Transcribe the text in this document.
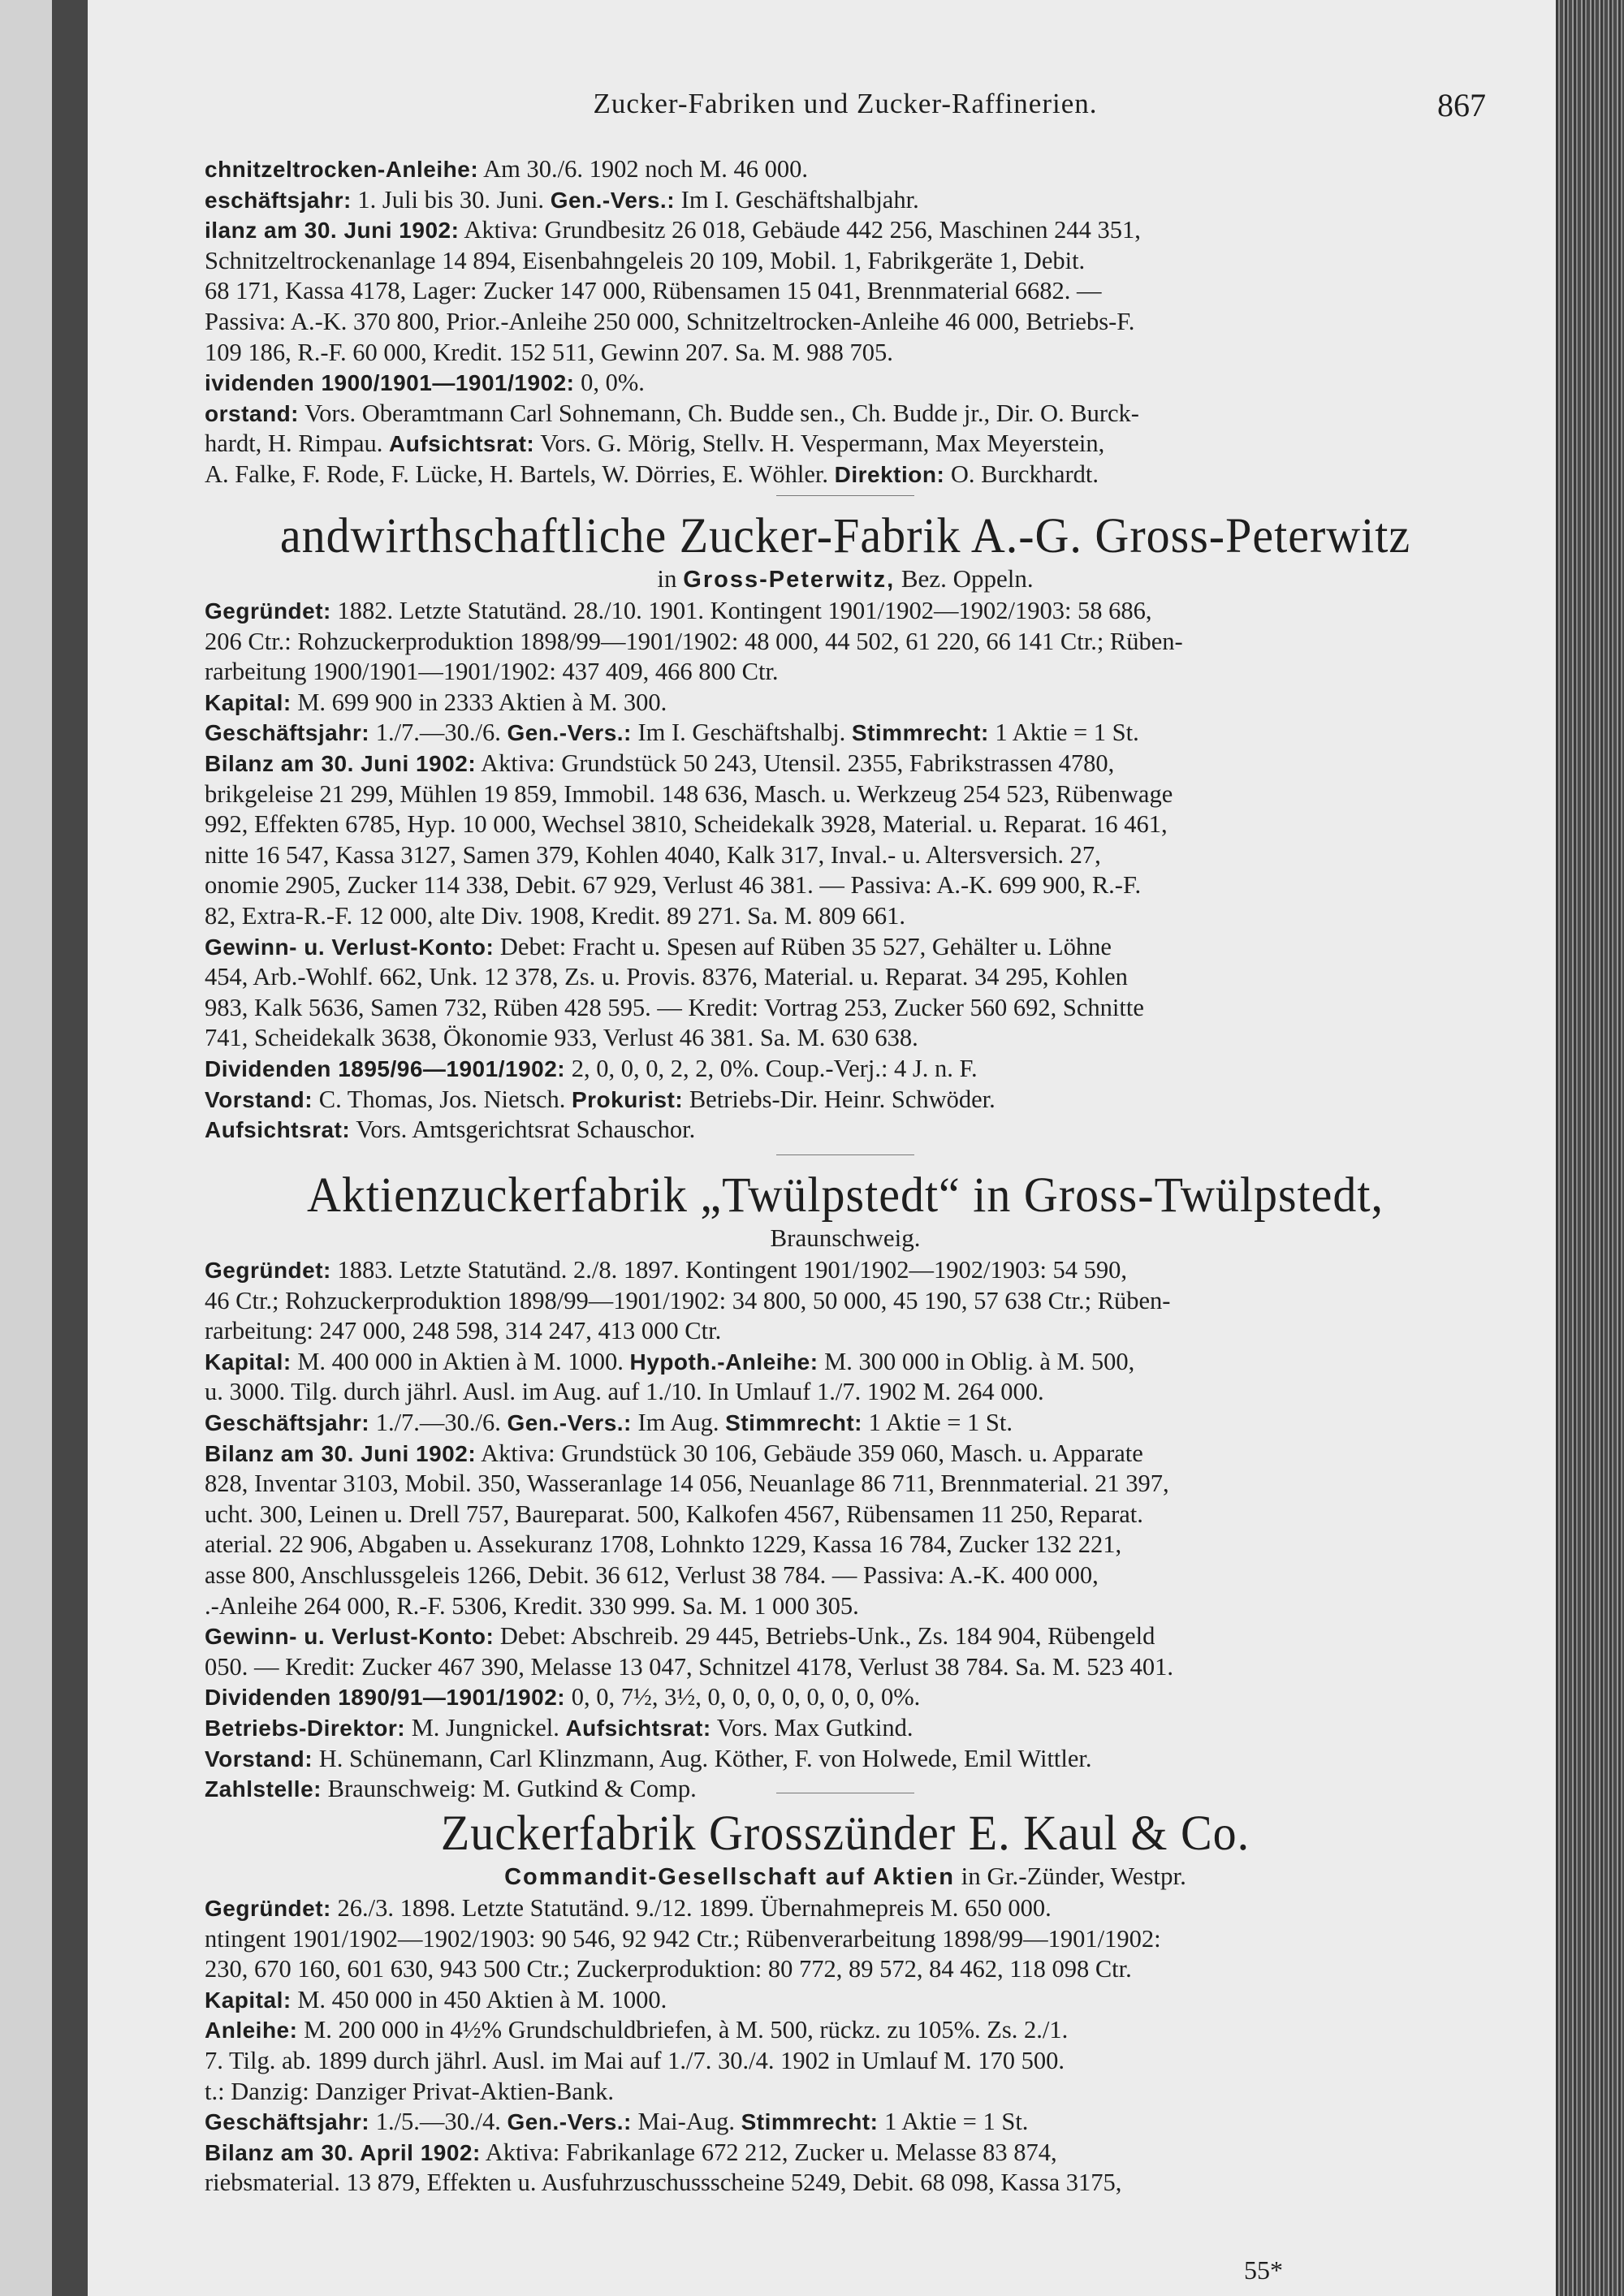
Zucker-Fabriken und Zucker-Raffinerien.	867
chnitzeltrocken-Anleihe: Am 30./6. 1902 noch M. 46 000.
eschäftsjahr: 1. Juli bis 30. Juni. Gen.-Vers.: Im I. Geschäftshalbjahr.
ilanz am 30. Juni 1902: Aktiva: Grundbesitz 26 018, Gebäude 442 256, Maschinen 244 351,
Schnitzeltrockenanlage 14 894, Eisenbahngeleis 20 109, Mobil. 1, Fabrikgeräte 1, Debit.
68 171, Kassa 4178, Lager: Zucker 147 000, Rübensamen 15 041, Brennmaterial 6682. —
Passiva: A.-K. 370 800, Prior.-Anleihe 250 000, Schnitzeltrocken-Anleihe 46 000, Betriebs-F.
109 186, R.-F. 60 000, Kredit. 152 511, Gewinn 207. Sa. M. 988 705.
ividenden 1900/1901—1901/1902: 0, 0%.
orstand: Vors. Oberamtmann Carl Sohnemann, Ch. Budde sen., Ch. Budde jr., Dir. O. Burck-
hardt, H. Rimpau. Aufsichtsrat: Vors. G. Mörig, Stellv. H. Vespermann, Max Meyerstein,
A. Falke, F. Rode, F. Lücke, H. Bartels, W. Dörries, E. Wöhler. Direktion: O. Burckhardt.
andwirthschaftliche Zucker-Fabrik A.-G. Gross-Peterwitz
in Gross-Peterwitz, Bez. Oppeln.
Gegründet: 1882. Letzte Statutänd. 28./10. 1901. Kontingent 1901/1902—1902/1903: 58 686,
206 Ctr.: Rohzuckerproduktion 1898/99—1901/1902: 48 000, 44 502, 61 220, 66 141 Ctr.; Rüben-
rarbeitung 1900/1901—1901/1902: 437 409, 466 800 Ctr.
Kapital: M. 699 900 in 2333 Aktien à M. 300.
Geschäftsjahr: 1./7.—30./6. Gen.-Vers.: Im I. Geschäftshalbj. Stimmrecht: 1 Aktie = 1 St.
Bilanz am 30. Juni 1902: Aktiva: Grundstück 50 243, Utensil. 2355, Fabrikstrassen 4780,
brikgeleise 21 299, Mühlen 19 859, Immobil. 148 636, Masch. u. Werkzeug 254 523, Rübenwage
992, Effekten 6785, Hyp. 10 000, Wechsel 3810, Scheidekalk 3928, Material. u. Reparat. 16 461,
nitte 16 547, Kassa 3127, Samen 379, Kohlen 4040, Kalk 317, Inval.- u. Altersversich. 27,
onomie 2905, Zucker 114 338, Debit. 67 929, Verlust 46 381. — Passiva: A.-K. 699 900, R.-F.
82, Extra-R.-F. 12 000, alte Div. 1908, Kredit. 89 271. Sa. M. 809 661.
Gewinn- u. Verlust-Konto: Debet: Fracht u. Spesen auf Rüben 35 527, Gehälter u. Löhne
454, Arb.-Wohlf. 662, Unk. 12 378, Zs. u. Provis. 8376, Material. u. Reparat. 34 295, Kohlen
983, Kalk 5636, Samen 732, Rüben 428 595. — Kredit: Vortrag 253, Zucker 560 692, Schnitte
741, Scheidekalk 3638, Ökonomie 933, Verlust 46 381. Sa. M. 630 638.
Dividenden 1895/96—1901/1902: 2, 0, 0, 0, 2, 2, 0%. Coup.-Verj.: 4 J. n. F.
Vorstand: C. Thomas, Jos. Nietsch. Prokurist: Betriebs-Dir. Heinr. Schwöder.
Aufsichtsrat: Vors. Amtsgerichtsrat Schauschor.
Aktienzuckerfabrik „Twülpstedt“ in Gross-Twülpstedt,
Braunschweig.
Gegründet: 1883. Letzte Statutänd. 2./8. 1897. Kontingent 1901/1902—1902/1903: 54 590,
46 Ctr.; Rohzuckerproduktion 1898/99—1901/1902: 34 800, 50 000, 45 190, 57 638 Ctr.; Rüben-
rarbeitung: 247 000, 248 598, 314 247, 413 000 Ctr.
Kapital: M. 400 000 in Aktien à M. 1000. Hypoth.-Anleihe: M. 300 000 in Oblig. à M. 500,
u. 3000. Tilg. durch jährl. Ausl. im Aug. auf 1./10. In Umlauf 1./7. 1902 M. 264 000.
Geschäftsjahr: 1./7.—30./6. Gen.-Vers.: Im Aug. Stimmrecht: 1 Aktie = 1 St.
Bilanz am 30. Juni 1902: Aktiva: Grundstück 30 106, Gebäude 359 060, Masch. u. Apparate
828, Inventar 3103, Mobil. 350, Wasseranlage 14 056, Neuanlage 86 711, Brennmaterial. 21 397,
ucht. 300, Leinen u. Drell 757, Baureparat. 500, Kalkofen 4567, Rübensamen 11 250, Reparat.
aterial. 22 906, Abgaben u. Assekuranz 1708, Lohnkto 1229, Kassa 16 784, Zucker 132 221,
asse 800, Anschlussgeleis 1266, Debit. 36 612, Verlust 38 784. — Passiva: A.-K. 400 000,
.-Anleihe 264 000, R.-F. 5306, Kredit. 330 999. Sa. M. 1 000 305.
Gewinn- u. Verlust-Konto: Debet: Abschreib. 29 445, Betriebs-Unk., Zs. 184 904, Rübengeld
050. — Kredit: Zucker 467 390, Melasse 13 047, Schnitzel 4178, Verlust 38 784. Sa. M. 523 401.
Dividenden 1890/91—1901/1902: 0, 0, 7½, 3½, 0, 0, 0, 0, 0, 0, 0, 0%.
Betriebs-Direktor: M. Jungnickel. Aufsichtsrat: Vors. Max Gutkind.
Vorstand: H. Schünemann, Carl Klinzmann, Aug. Köther, F. von Holwede, Emil Wittler.
Zahlstelle: Braunschweig: M. Gutkind & Comp.
Zuckerfabrik Grosszünder E. Kaul & Co.
Commandit-Gesellschaft auf Aktien in Gr.-Zünder, Westpr.
Gegründet: 26./3. 1898. Letzte Statutänd. 9./12. 1899. Übernahmepreis M. 650 000.
ntingent 1901/1902—1902/1903: 90 546, 92 942 Ctr.; Rübenverarbeitung 1898/99—1901/1902:
230, 670 160, 601 630, 943 500 Ctr.; Zuckerproduktion: 80 772, 89 572, 84 462, 118 098 Ctr.
Kapital: M. 450 000 in 450 Aktien à M. 1000.
Anleihe: M. 200 000 in 4½% Grundschuldbriefen, à M. 500, rückz. zu 105%. Zs. 2./1.
7. Tilg. ab. 1899 durch jährl. Ausl. im Mai auf 1./7. 30./4. 1902 in Umlauf M. 170 500.
t.: Danzig: Danziger Privat-Aktien-Bank.
Geschäftsjahr: 1./5.—30./4. Gen.-Vers.: Mai-Aug. Stimmrecht: 1 Aktie = 1 St.
Bilanz am 30. April 1902: Aktiva: Fabrikanlage 672 212, Zucker u. Melasse 83 874,
riebsmaterial. 13 879, Effekten u. Ausfuhrzuschussscheine 5249, Debit. 68 098, Kassa 3175,
55*
